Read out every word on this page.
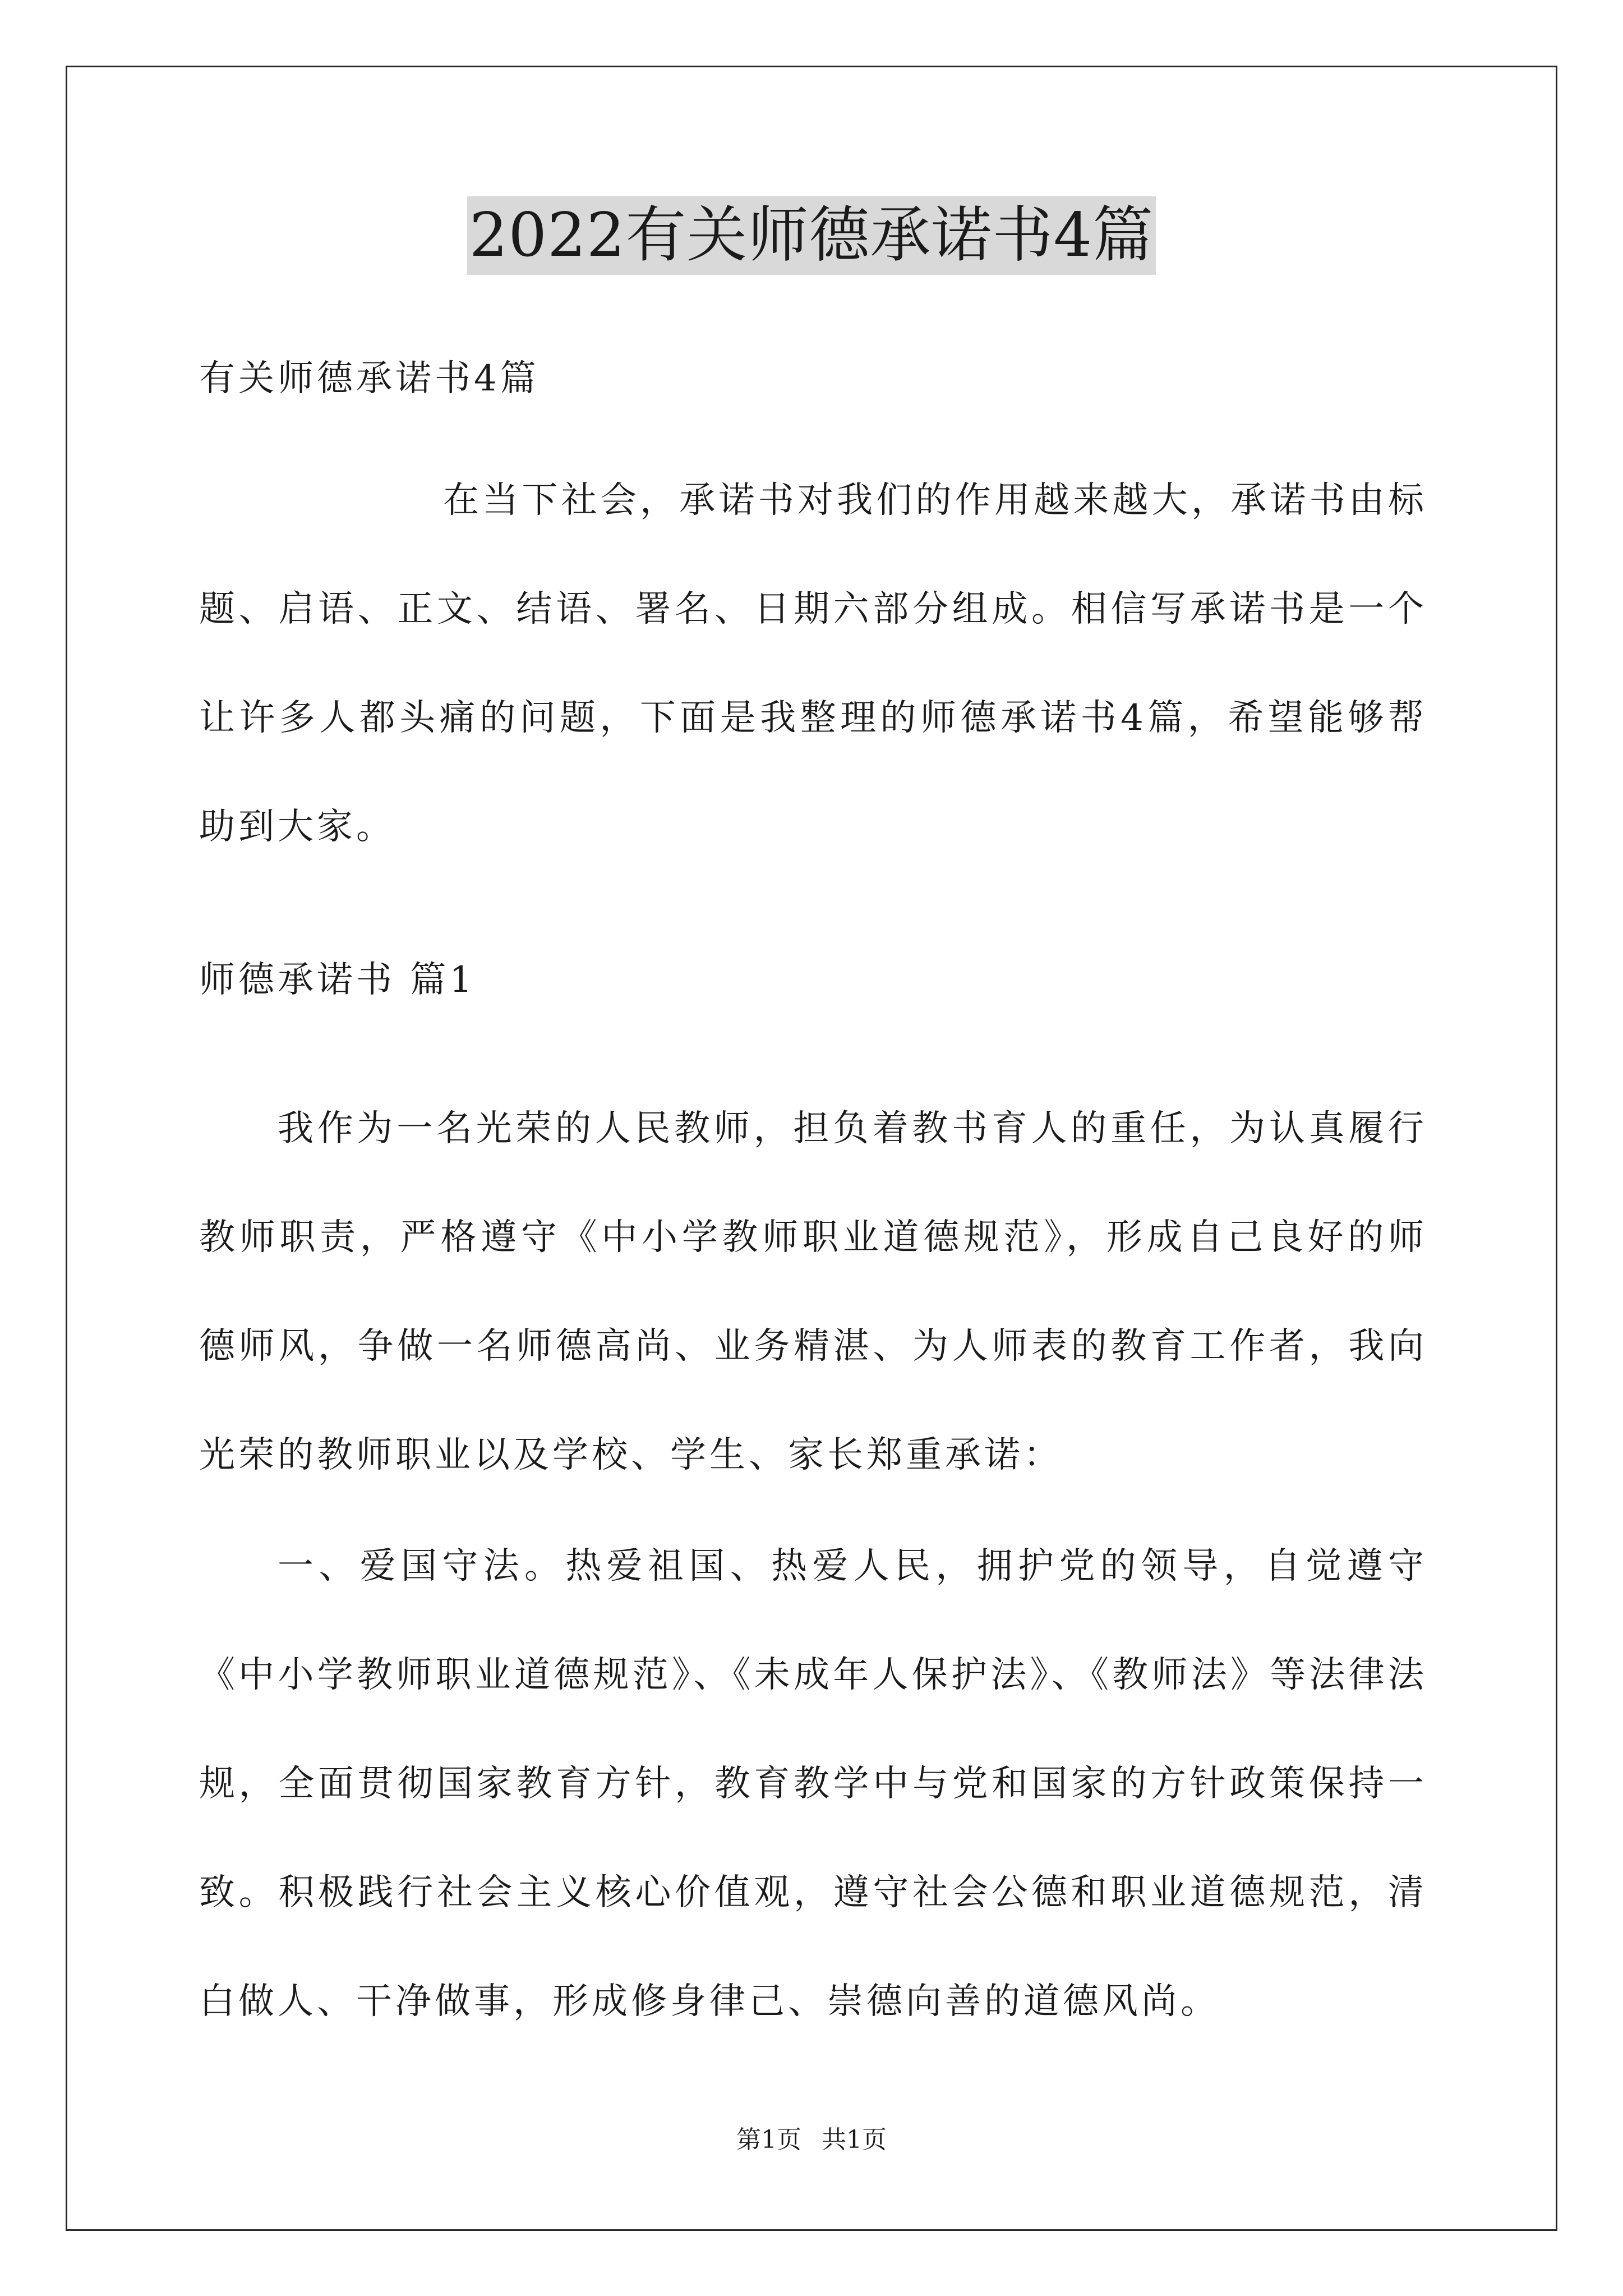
2022有关师德承诺书4篇
有关师德承诺书4篇
在当下社会，承诺书对我们的作用越来越大，承诺书由标题、启语、正文、结语、署名、日期六部分组成。相信写承诺书是一个让许多人都头痛的问题，下面是我整理的师德承诺书4篇，希望能够帮助到大家。
师德承诺书 篇1
我作为一名光荣的人民教师，担负着教书育人的重任，为认真履行教师职责，严格遵守《中小学教师职业道德规范》，形成自己良好的师德师风，争做一名师德高尚、业务精湛、为人师表的教育工作者，我向光荣的教师职业以及学校、学生、家长郑重承诺：
一、爱国守法。热爱祖国、热爱人民，拥护党的领导，自觉遵守《中小学教师职业道德规范》、《未成年人保护法》、《教师法》等法律法规，全面贯彻国家教育方针，教育教学中与党和国家的方针政策保持一致。积极践行社会主义核心价值观，遵守社会公德和职业道德规范，清白做人、干净做事，形成修身律己、崇德向善的道德风尚。
第1页 共1页
